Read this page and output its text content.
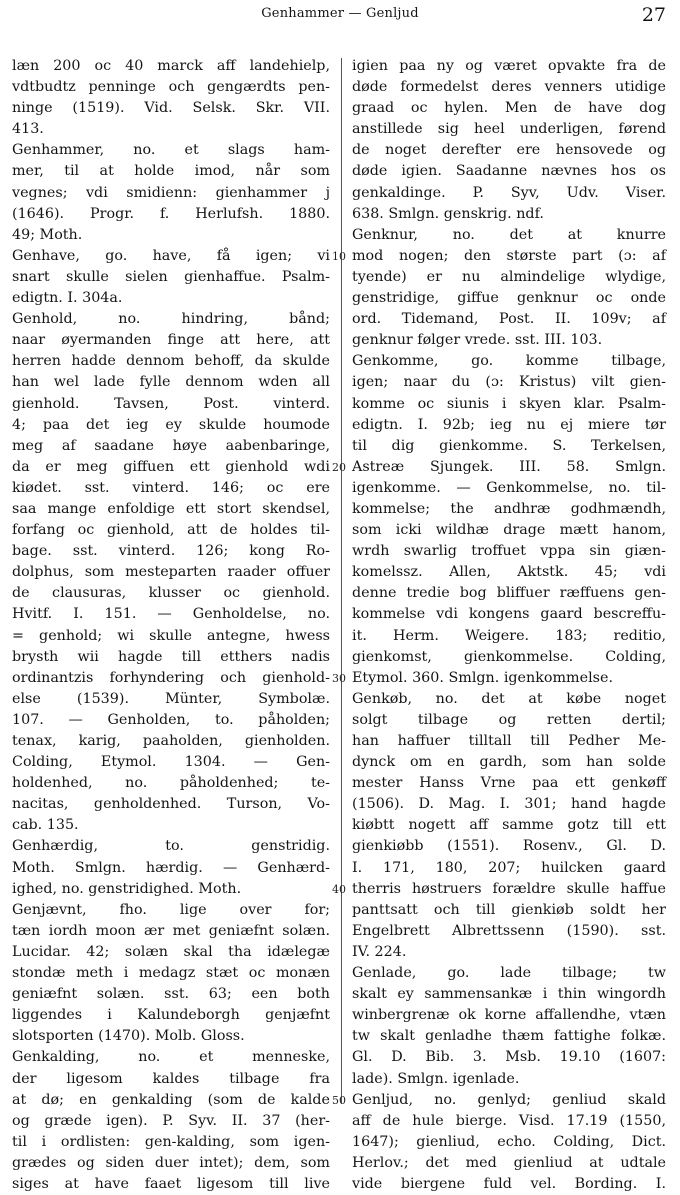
Genhammer — Genljud	27
læn 200 oc 40 marck aff landehielp,
vdtbudtz penninge och gengærdts pen-
ninge (1519). Vid. Selsk. Skr. VII.
413.
Genhammer, no. et slags ham-
mer, til at holde imod, når som
vegnes; vdi smidienn: gienhammer j
(1646). Progr. f. Herlufsh. 1880.
49; Moth.
Genhave, go. have, få igen; vi
snart skulle sielen gienhaffue. Psalm-
edigtn. I. 304a.
Genhold, no. hindring, bånd;
naar øyermanden finge att here, att
herren hadde dennom behoff, da skulde
han wel lade fylle dennom wden all
gienhold. Tavsen, Post. vinterd.
4; paa det ieg ey skulde houmode
meg af saadane høye aabenbaringe,
da er meg giffuen ett gienhold wdi
kiødet. sst. vinterd. 146; oc ere
saa mange enfoldige ett stort skendsel,
forfang oc gienhold, att de holdes til-
bage. sst. vinterd. 126; kong Ro-
dolphus, som mesteparten raader offuer
de clausuras, klusser oc gienhold.
Hvitf. I. 151. — Genholdelse, no.
= genhold; wi skulle antegne, hwess
brysth wii hagde till etthers nadis
ordinantzis forhyndering och gienhold-
else (1539). Münter, Symbolæ.
107. — Genholden, to. påholden;
tenax, karig, paaholden, gienholden.
Colding, Etymol. 1304. — Gen-
holdenhed, no. påholdenhed; te-
nacitas, genholdenhed. Turson, Vo-
cab. 135.
Genhærdig, to. genstridig.
Moth. Smlgn. hærdig. — Genhærd-
ighed, no. genstridighed. Moth.
Genjævnt, fho. lige over for;
tæn iordh moon ær met geniæfnt solæn.
Lucidar. 42; solæn skal tha idælegæ
stondæ meth i medagz stæt oc monæn
geniæfnt solæn. sst. 63; een both
liggendes i Kalundeborgh genjæfnt
slotsporten (1470). Molb. Gloss.
Genkalding, no. et menneske,
der ligesom kaldes tilbage fra
at dø; en genkalding (som de kalde
og græde igen). P. Syv. II. 37 (her-
til i ordlisten: gen-kalding, som igen-
grædes og siden duer intet); dem, som
siges at have faaet ligesom till live
igien paa ny og været opvakte fra de
døde formedelst deres venners utidige
graad oc hylen. Men de have dog
anstillede sig heel underligen, førend
de noget derefter ere hensovede og
døde igien. Saadanne nævnes hos os
genkaldinge. P. Syv, Udv. Viser.
638. Smlgn. genskrig. ndf.
Genknur, no. det at knurre
mod nogen; den største part (ɔ: af
tyende) er nu almindelige wlydige,
genstridige, giffue genknur oc onde
ord. Tidemand, Post. II. 109v; af
genknur følger vrede. sst. III. 103.
Genkomme, go. komme tilbage,
igen; naar du (ɔ: Kristus) vilt gien-
komme oc siunis i skyen klar. Psalm-
edigtn. I. 92b; ieg nu ej miere tør
til dig gienkomme. S. Terkelsen,
Astreæ Sjungek. III. 58. Smlgn.
igenkomme. — Genkommelse, no. til-
kommelse; the andhræ godhmændh,
som icki wildhæ drage mætt hanom,
wrdh swarlig troffuet vppa sin giæn-
komelssz. Allen, Aktstk. 45; vdi
denne tredie bog bliffuer ræffuens gen-
kommelse vdi kongens gaard bescreffu-
it. Herm. Weigere. 183; reditio,
gienkomst, gienkommelse. Colding,
Etymol. 360. Smlgn. igenkommelse.
Genkøb, no. det at købe noget
solgt tilbage og retten dertil;
han haffuer tilltall till Pedher Me-
dynck om en gardh, som han solde
mester Hanss Vrne paa ett genkøff
(1506). D. Mag. I. 301; hand hagde
kiøbtt nogett aff samme gotz till ett
gienkiøbb (1551). Rosenv., Gl. D.
I. 171, 180, 207; huilcken gaard
therris høstruers forældre skulle haffue
panttsatt och till gienkiøb soldt her
Engelbrett Albrettssenn (1590). sst.
IV. 224.
Genlade, go. lade tilbage; tw
skalt ey sammensankæ i thin wingordh
winbergrenæ ok korne affallendhe, vtæn
tw skalt genladhe thæm fattighe folkæ.
Gl. D. Bib. 3. Msb. 19.10 (1607:
lade). Smlgn. igenlade.
Genljud, no. genlyd; genliud skald
aff de hule bierge. Visd. 17.19 (1550,
1647); gienliud, echo. Colding, Dict.
Herlov.; det med gienliud at udtale
vide biergene fuld vel. Bording. I.
10
20
30
40
50
